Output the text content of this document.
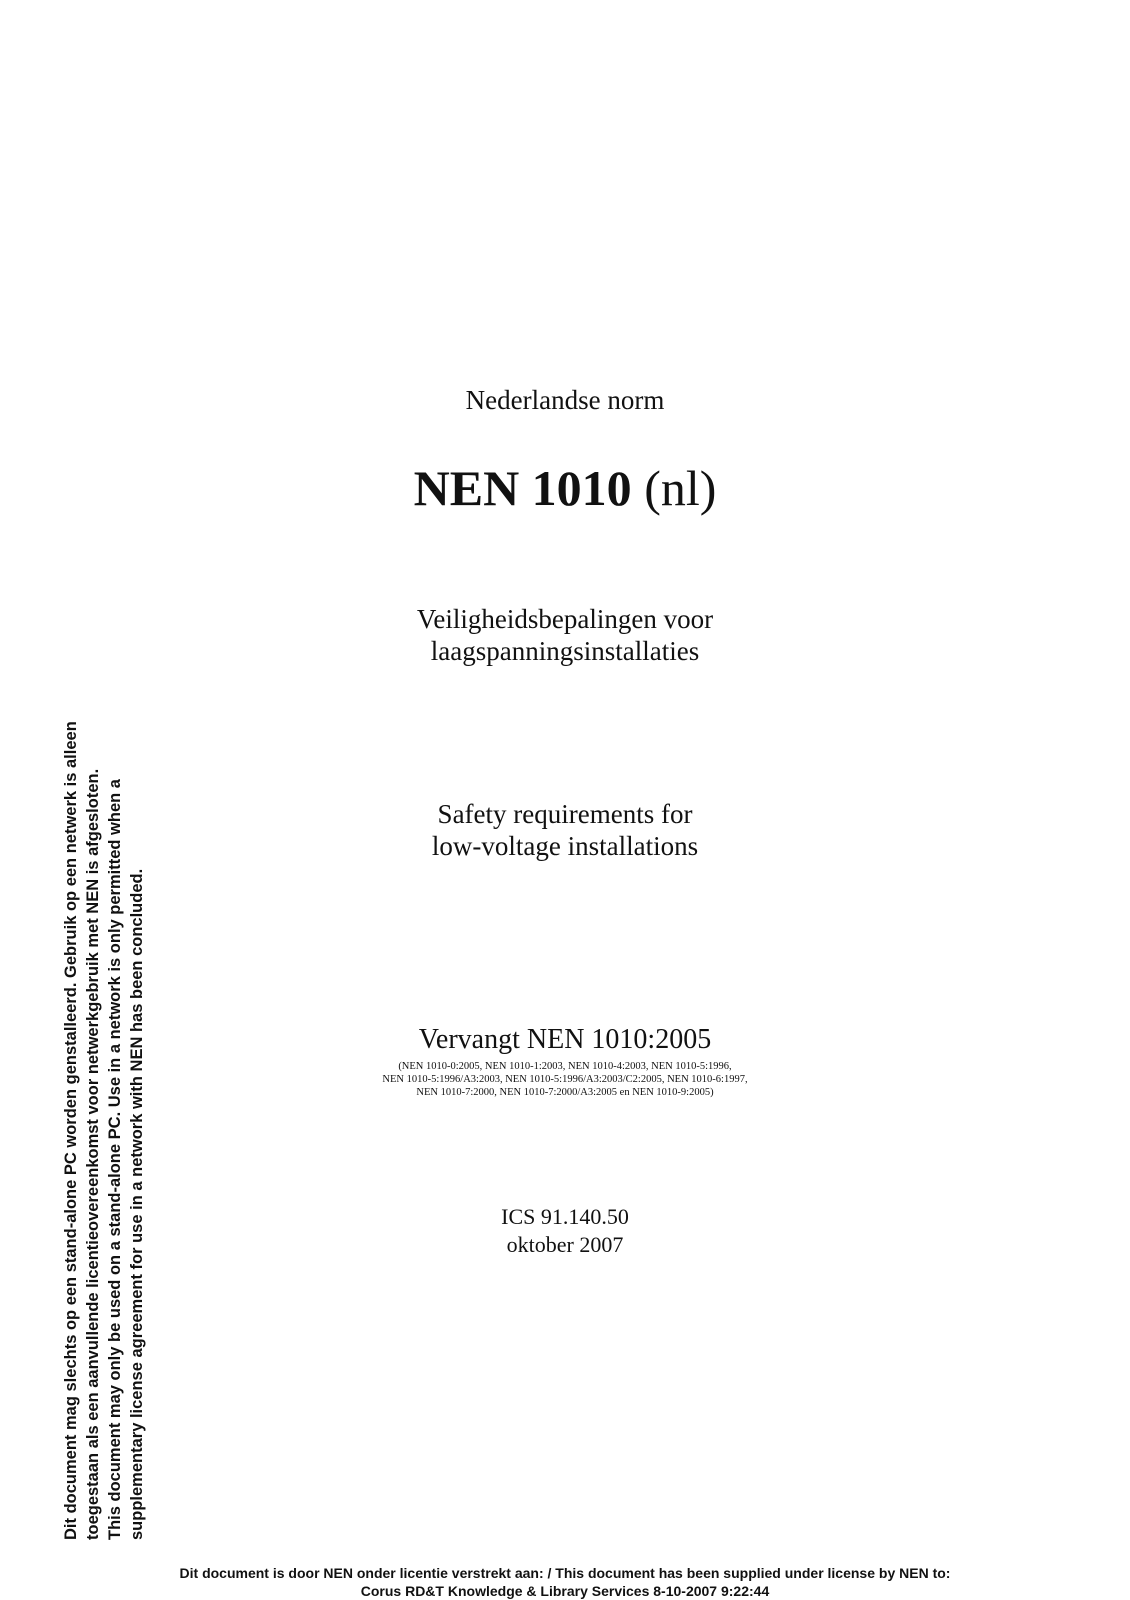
Nederlandse norm
NEN 1010 (nl)
Veiligheidsbepalingen voor
laagspanningsinstallaties
Safety requirements for
low-voltage installations
Vervangt NEN 1010:2005
(NEN 1010-0:2005, NEN 1010-1:2003, NEN 1010-4:2003, NEN 1010-5:1996,
NEN 1010-5:1996/A3:2003, NEN 1010-5:1996/A3:2003/C2:2005, NEN 1010-6:1997,
NEN 1010-7:2000, NEN 1010-7:2000/A3:2005 en NEN 1010-9:2005)
ICS 91.140.50
oktober 2007
Dit document mag slechts op een stand-alone PC worden genstalleerd. Gebruik op een netwerk is alleen toegestaan als een aanvullende licentieovereenkomst voor netwerkgebruik met NEN is afgesloten. This document may only be used on a stand-alone PC. Use in a network is only permitted when a supplementary license agreement for use in a network with NEN has been concluded.
Dit document is door NEN onder licentie verstrekt aan: / This document has been supplied under license by NEN to:
Corus RD&T Knowledge & Library Services 8-10-2007 9:22:44
